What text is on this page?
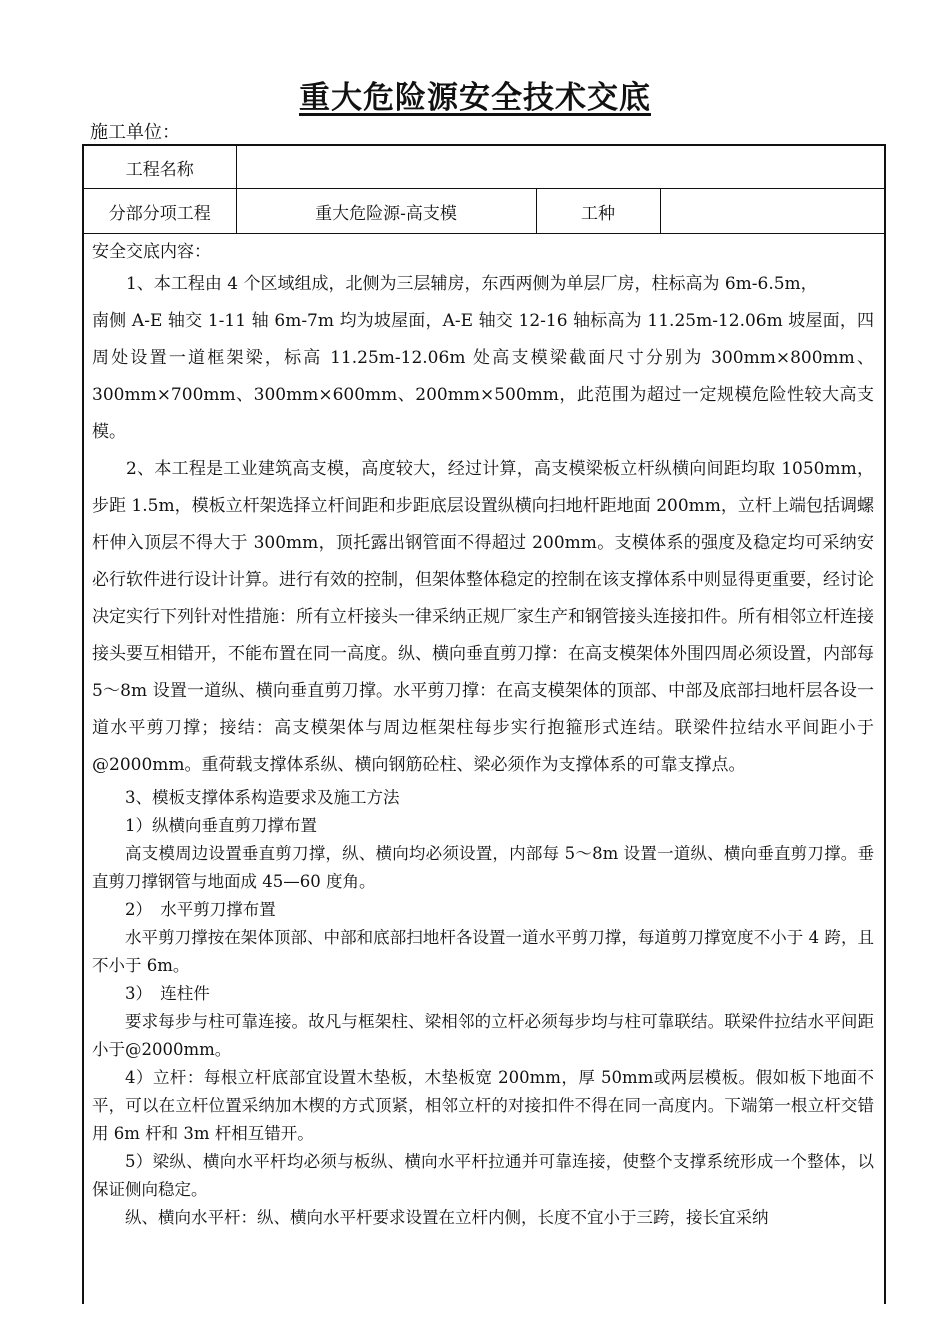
重大危险源安全技术交底
施工单位：
工程名称			
分部分项工程	重大危险源-高支模	工种	

安全交底内容：

1、本工程由 4 个区域组成，北侧为三层辅房，东西两侧为单层厂房，柱标高为 6m-6.5m，

南侧 A-E 轴交 1-11 轴 6m-7m 均为坡屋面，A-E 轴交 12-16 轴标高为 11.25m-12.06m 坡屋面，四周处设置一道框架梁，标高 11.25m-12.06m 处高支模梁截面尺寸分别为 300mm×800mm、300mm×700mm、300mm×600mm、200mm×500mm，此范围为超过一定规模危险性较大高支模。

2、本工程是工业建筑高支模，高度较大，经过计算，高支模梁板立杆纵横向间距均取 1050mm，步距 1.5m，模板立杆架选择立杆间距和步距底层设置纵横向扫地杆距地面 200mm，立杆上端包括调螺杆伸入顶层不得大于 300mm，顶托露出钢管面不得超过 200mm。支模体系的强度及稳定均可采纳安必行软件进行设计计算。进行有效的控制，但架体整体稳定的控制在该支撑体系中则显得更重要，经讨论决定实行下列针对性措施：所有立杆接头一律采纳正规厂家生产和钢管接头连接扣件。所有相邻立杆连接接头要互相错开，不能布置在同一高度。纵、横向垂直剪刀撑：在高支模架体外围四周必须设置，内部每 5～8m 设置一道纵、横向垂直剪刀撑。水平剪刀撑：在高支模架体的顶部、中部及底部扫地杆层各设一道水平剪刀撑；接结：高支模架体与周边框架柱每步实行抱箍形式连结。联梁件拉结水平间距小于@2000mm。重荷载支撑体系纵、横向钢筋砼柱、梁必须作为支撑体系的可靠支撑点。

3、模板支撑体系构造要求及施工方法

1）纵横向垂直剪刀撑布置

高支模周边设置垂直剪刀撑，纵、横向均必须设置，内部每 5～8m 设置一道纵、横向垂直剪刀撑。垂直剪刀撑钢管与地面成 45—60 度角。

2）　水平剪刀撑布置

水平剪刀撑按在架体顶部、中部和底部扫地杆各设置一道水平剪刀撑，每道剪刀撑宽度不小于 4 跨，且不小于 6m。

3）　连柱件

要求每步与柱可靠连接。故凡与框架柱、梁相邻的立杆必须每步均与柱可靠联结。联梁件拉结水平间距小于@2000mm。

4）立杆：每根立杆底部宜设置木垫板，木垫板宽 200mm，厚 50mm或两层模板。假如板下地面不平，可以在立杆位置采纳加木楔的方式顶紧，相邻立杆的对接扣件不得在同一高度内。下端第一根立杆交错用 6m 杆和 3m 杆相互错开。

5）梁纵、横向水平杆均必须与板纵、横向水平杆拉通并可靠连接，使整个支撑系统形成一个整体，以保证侧向稳定。

纵、横向水平杆：纵、横向水平杆要求设置在立杆内侧，长度不宜小于三跨，接长宜采纳
